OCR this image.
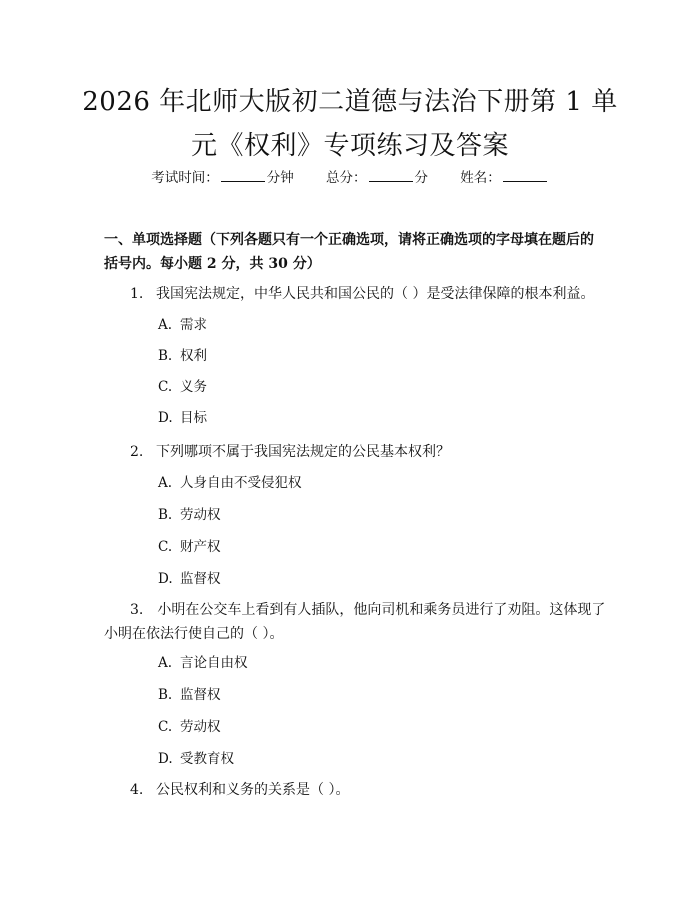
2026 年北师大版初二道德与法治下册第 1 单元《权利》专项练习及答案
考试时间：	分钟 总分：	分 姓名：
一、单项选择题（下列各题只有一个正确选项，请将正确选项的字母填在题后的括号内。每小题 2 分，共 30 分）
1. 我国宪法规定，中华人民共和国公民的（ ）是受法律保障的根本利益。
A. 需求
B. 权利
C. 义务
D. 目标
2. 下列哪项不属于我国宪法规定的公民基本权利？
A. 人身自由不受侵犯权
B. 劳动权
C. 财产权
D. 监督权
3.  小明在公交车上看到有人插队，他向司机和乘务员进行了劝阻。这体现了小明在依法行使自己的（ ）。
A. 言论自由权
B. 监督权
C. 劳动权
D. 受教育权
4. 公民权利和义务的关系是（ ）。
